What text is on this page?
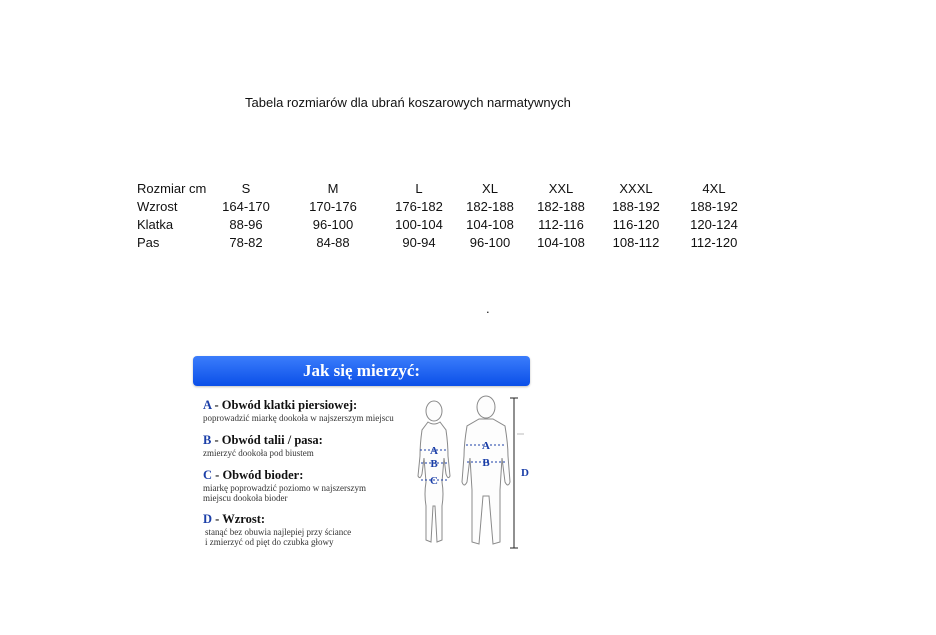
Tabela rozmiarów dla ubrań koszarowych narmatywnych
Rozmiar cm	S	M	L	XL	XXL	XXXL	4XL
Wzrost	164-170	170-176	176-182	182-188	182-188	188-192	188-192
Klatka	88-96	96-100	100-104	104-108	112-116	116-120	120-124
Pas	78-82	84-88	90-94	96-100	104-108	108-112	112-120
.
Jak się mierzyć:
A - Obwód klatki piersiowej:
poprowadzić miarkę dookoła w najszerszym miejscu
B - Obwód talii / pasa:
zmierzyć dookoła pod biustem
C - Obwód bioder:
miarkę poprowadzić poziomo w najszerszym
miejscu dookoła bioder
D - Wzrost:
stanąć bez obuwia najlepiej przy ściance
i zmierzyć od pięt do czubka głowy
A
B
C
A
B
D
